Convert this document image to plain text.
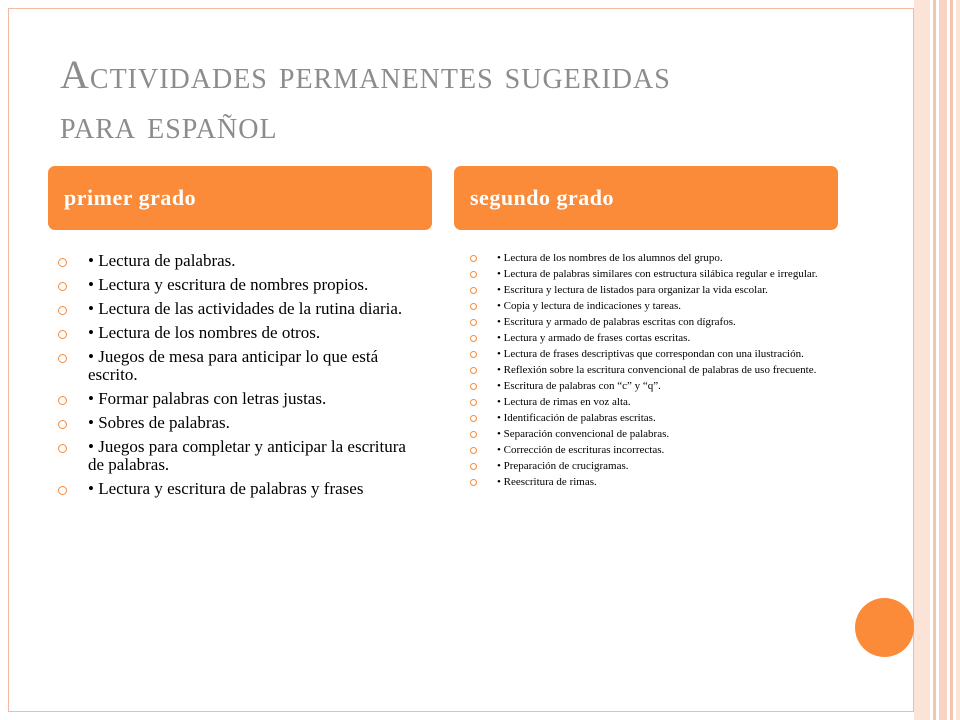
Actividades permanentes sugeridas
para español
primer grado	segundo grado
• Lectura de palabras.
• Lectura y escritura de nombres propios.
• Lectura de las actividades de la rutina diaria.
• Lectura de los nombres de otros.
• Juegos de mesa para anticipar lo que está escrito.
• Formar palabras con letras justas.
• Sobres de palabras.
• Juegos para completar y anticipar la escritura de palabras.
• Lectura y escritura de palabras y frases
• Lectura de los nombres de los alumnos del grupo.
• Lectura de palabras similares con estructura silábica regular e irregular.
• Escritura y lectura de listados para organizar la vida escolar.
• Copia y lectura de indicaciones y tareas.
• Escritura y armado de palabras escritas con dígrafos.
• Lectura y armado de frases cortas escritas.
• Lectura de frases descriptivas que correspondan con una ilustración.
• Reflexión sobre la escritura convencional de palabras de uso frecuente.
• Escritura de palabras con “c” y “q”.
• Lectura de rimas en voz alta.
• Identificación de palabras escritas.
• Separación convencional de palabras.
• Corrección de escrituras incorrectas.
• Preparación de crucigramas.
• Reescritura de rimas.
